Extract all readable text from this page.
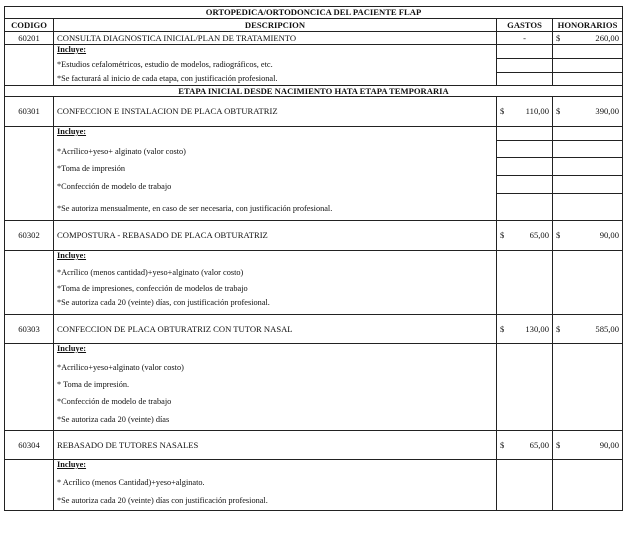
ORTOPEDICA/ORTODONCICA DEL PACIENTE FLAP			
CODIGO	DESCRIPCION	GASTOS	HONORARIOS
60201	CONSULTA DIAGNOSTICA INICIAL/PLAN DE TRATAMIENTO	-	$ 260,00

	Incluye:
*Estudios cefalométricos, estudio de modelos, radiográficos, etc.
*Se facturará al inicio de cada etapa, con justificación profesional.		

ETAPA INICIAL DESDE NACIMIENTO HATA ETAPA TEMPORARIA			
60301	CONFECCION E INSTALACION DE PLACA OBTURATRIZ	$ 110,00	$ 390,00

	Incluye:
*Acrílico+yeso+ alginato (valor costo)
*Toma de impresión
*Confección de modelo de trabajo
*Se autoriza mensualmente, en caso de ser necesaria, con justificación profesional.		

60302	COMPOSTURA - REBASADO DE PLACA OBTURATRIZ	$ 65,00	$ 90,00

	Incluye:
*Acrílico (menos cantidad)+yeso+alginato (valor costo)
*Toma de impresiones, confección de modelos de trabajo
*Se autoriza cada 20 (veinte) días, con justificación profesional.		

60303	CONFECCION DE PLACA OBTURATRIZ CON TUTOR NASAL	$ 130,00	$ 585,00

	Incluye:
*Acrilico+yeso+alginato (valor costo)
* Toma de impresión.
*Confección de modelo de trabajo
*Se autoriza cada 20 (veinte) días		

60304	REBASADO DE TUTORES NASALES	$ 65,00	$ 90,00

	Incluye:
* Acrílico (menos Cantidad)+yeso+alginato.
*Se autoriza cada 20 (veinte) días con justificación profesional.		
